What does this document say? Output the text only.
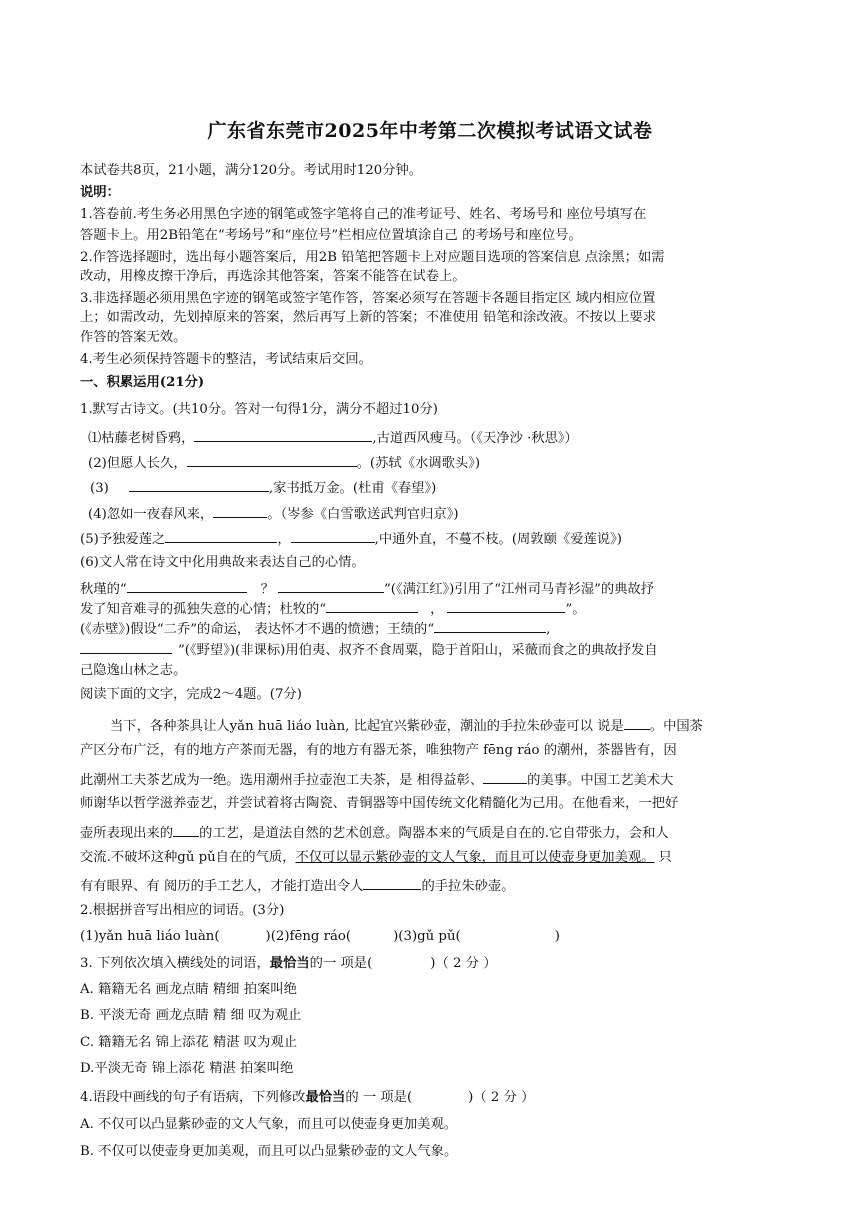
广东省东莞市2025年中考第二次模拟考试语文试卷
本试卷共8页，21小题，满分120分。考试用时120分钟。
说明：
1.答卷前.考生务必用黑色字迹的钢笔或签字笔将自己的准考证号、姓名、考场号和 座位号填写在
答题卡上。用2B铅笔在“考场号”和“座位号”栏相应位置填涂自己 的考场号和座位号。
2.作答选择题时，选出每小题答案后，用2B 铅笔把答题卡上对应题目选项的答案信息 点涂黑；如需
改动，用橡皮擦干净后，再选涂其他答案，答案不能答在试卷上。
3.非选择题必须用黑色字迹的钢笔或签字笔作答，答案必须写在答题卡各题目指定区 域内相应位置
上；如需改动，先划掉原来的答案，然后再写上新的答案；不准使用 铅笔和涂改液。不按以上要求
作答的答案无效。
4.考生必须保持答题卡的整洁，考试结束后交回。
一、积累运用(21分)
1.默写古诗文。(共10分。答对一句得1分，满分不超过10分)
⑴枯藤老树昏鸦，	,古道西风瘦马。（《天净沙 ·秋思》）
(2)但愿人长久，	。(苏轼《水调歌头》)
(3)	,家书抵万金。(杜甫《春望》)
(4)忽如一夜春风来，	。（岑参《白雪歌送武判官归京》)
(5)予独爱莲之	，	,中通外直，不蔓不枝。(周敦颐《爱莲说》)
(6)文人常在诗文中化用典故来表达自己的心情。
秋瑾的“	？	”(《满江红》)引用了“江州司马青衫湿”的典故抒
发了知音难寻的孤独失意的心情；杜牧的“	，	”。
(《赤壁》)假设“二乔”的命运， 表达怀才不遇的愤懑；王绩的“	,
”(《野望》)(非课标)用伯夷、叔齐不食周粟，隐于首阳山，采薇而食之的典故抒发自
己隐逸山林之志。
阅读下面的文字，完成2～4题。(7分)
当下，各种茶具让人yǎn huā liáo luàn, 比起宜兴紫砂壶，潮汕的手拉朱砂壶可以 说是 。中国茶
产区分布广泛，有的地方产茶而无器，有的地方有器无茶，唯独物产 fēng ráo 的潮州，茶器皆有，因
此潮州工夫茶艺成为一绝。选用潮州手拉壶泡工夫茶，是 相得益彰、	的美事。中国工艺美术大
师谢华以哲学滋养壶艺，并尝试着将古陶瓷、青铜器等中国传统文化精髓化为己用。在他看来，一把好
壶所表现出来的 的工艺，是道法自然的艺术创意。陶器本来的气质是自在的.它自带张力，会和人
交流.不破坏这种gǔ pǔ自在的气质，不仅可以显示紫砂壶的文人气象，而且可以使壶身更加美观。 只
有有眼界、有 阅历的手工艺人，才能打造出令人	的手拉朱砂壶。
2.根据拼音写出相应的词语。(3分)
(1)yǎn huā liáo luàn(	)(2)fēng ráo(	)(3)gǔ pǔ(	)
3. 下列依次填入横线处的词语，最恰当的一 项是(	)（ 2 分 ）
A. 籍籍无名 画龙点睛 精细 拍案叫绝
B. 平淡无奇 画龙点睛 精 细 叹为观止
C. 籍籍无名 锦上添花 精湛 叹为观止
D.平淡无奇 锦上添花 精湛 拍案叫绝
4.语段中画线的句子有语病，下列修改最恰当的 一 项是(	)（ 2 分 ）
A. 不仅可以凸显紫砂壶的文人气象，而且可以使壶身更加美观。
B. 不仅可以使壶身更加美观，而且可以凸显紫砂壶的文人气象。
